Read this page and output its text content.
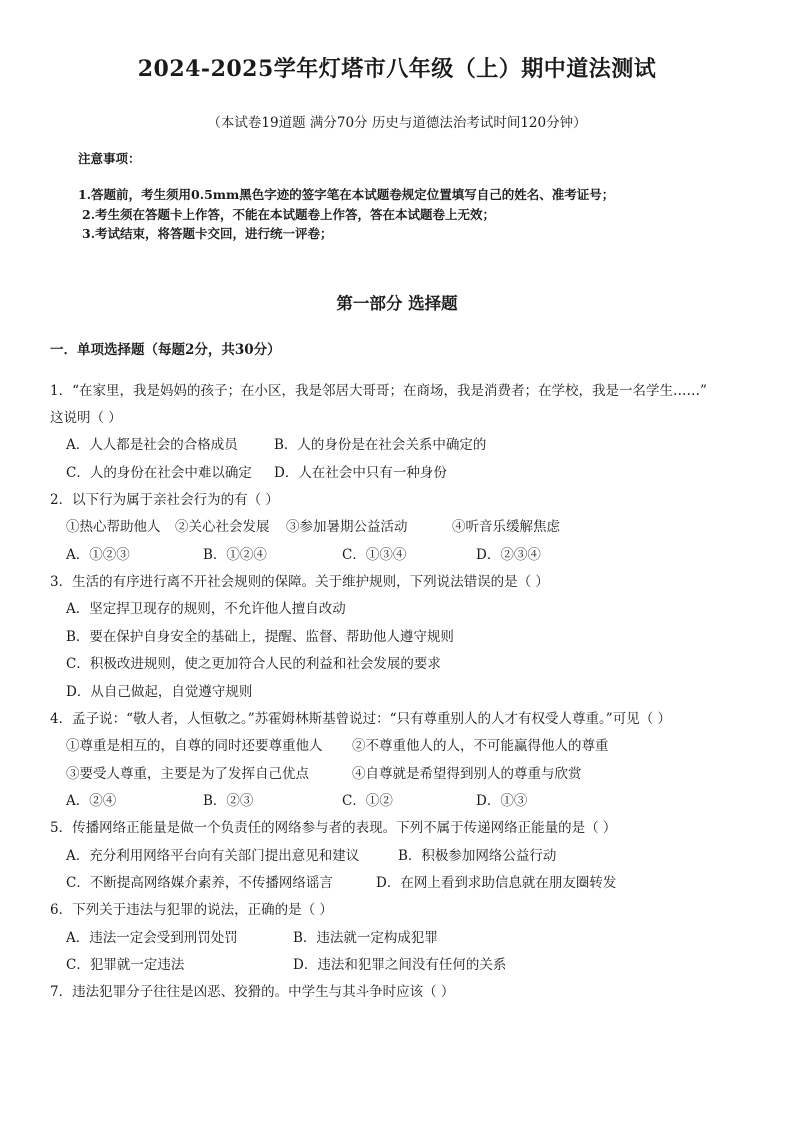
2024-2025学年灯塔市八年级（上）期中道法测试
（本试卷19道题 满分70分 历史与道德法治考试时间120分钟）
注意事项：
1.答题前，考生须用0.5mm黑色字迹的签字笔在本试题卷规定位置填写自己的姓名、准考证号；
2.考生须在答题卡上作答，不能在本试题卷上作答，答在本试题卷上无效；
3.考试结束，将答题卡交回，进行统一评卷；
第一部分 选择题
一．单项选择题（每题2分，共30分）
1．“在家里，我是妈妈的孩子；在小区，我是邻居大哥哥；在商场，我是消费者；在学校，我是一名学生……”
这说明（ ）
A．人人都是社会的合格成员	B．人的身份是在社会关系中确定的
C．人的身份在社会中难以确定 D．人在社会中只有一种身份
2．以下行为属于亲社会行为的有（ ）
①热心帮助他人 ②关心社会发展 ③参加暑期公益活动	④听音乐缓解焦虑
A．①②③	B．①②④	C．①③④	D．②③④
3．生活的有序进行离不开社会规则的保障。关于维护规则，下列说法错误的是（ ）
A．坚定捍卫现存的规则，不允许他人擅自改动
B．要在保护自身安全的基础上，提醒、监督、帮助他人遵守规则
C．积极改进规则，使之更加符合人民的利益和社会发展的要求
D．从自己做起，自觉遵守规则
4．孟子说：“敬人者，人恒敬之。”苏霍姆林斯基曾说过：“只有尊重别人的人才有权受人尊重。”可见（ ）
①尊重是相互的，自尊的同时还要尊重他人 ②不尊重他人的人，不可能赢得他人的尊重
③要受人尊重，主要是为了发挥自己优点	④自尊就是希望得到别人的尊重与欣赏
A．②④	B．②③	C．①②	D．①③
5．传播网络正能量是做一个负责任的网络参与者的表现。下列不属于传递网络正能量的是（ ）
A．充分利用网络平台向有关部门提出意见和建议	B．积极参加网络公益行动
C．不断提高网络媒介素养，不传播网络谣言	D．在网上看到求助信息就在朋友圈转发
6．下列关于违法与犯罪的说法，正确的是（ ）
A．违法一定会受到刑罚处罚	B．违法就一定构成犯罪
C．犯罪就一定违法	D．违法和犯罪之间没有任何的关系
7．违法犯罪分子往往是凶恶、狡猾的。中学生与其斗争时应该（ ）
